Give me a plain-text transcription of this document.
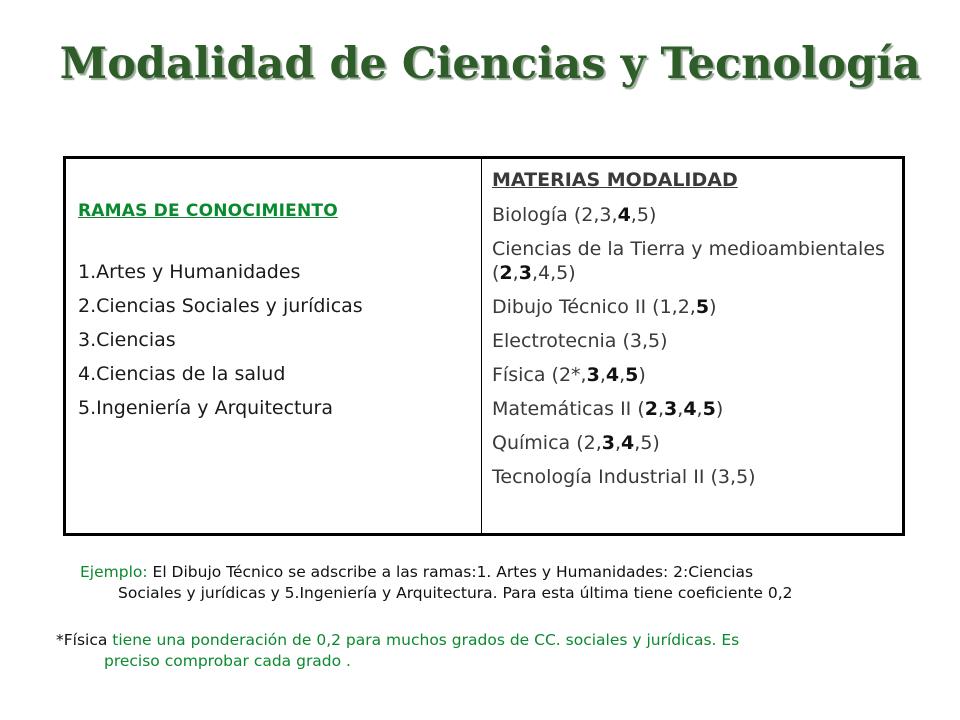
Modalidad de Ciencias y Tecnología
RAMAS DE CONOCIMIENTO
1.Artes y Humanidades
2.Ciencias Sociales y jurídicas
3.Ciencias
4.Ciencias de la salud
5.Ingeniería y Arquitectura
MATERIAS MODALIDAD
Biología (2,3,4,5)
Ciencias de la Tierra y medioambientales (2,3,4,5)
Dibujo Técnico II (1,2,5)
Electrotecnia (3,5)
Física (2*,3,4,5)
Matemáticas II (2,3,4,5)
Química (2,3,4,5)
Tecnología Industrial II (3,5)
Ejemplo: El Dibujo Técnico se adscribe a las ramas:1. Artes y Humanidades: 2:Ciencias
Sociales y jurídicas y 5.Ingeniería y Arquitectura. Para esta última tiene coeficiente 0,2
*Física tiene una ponderación de 0,2 para muchos grados de CC. sociales y jurídicas. Es
preciso comprobar cada grado .
